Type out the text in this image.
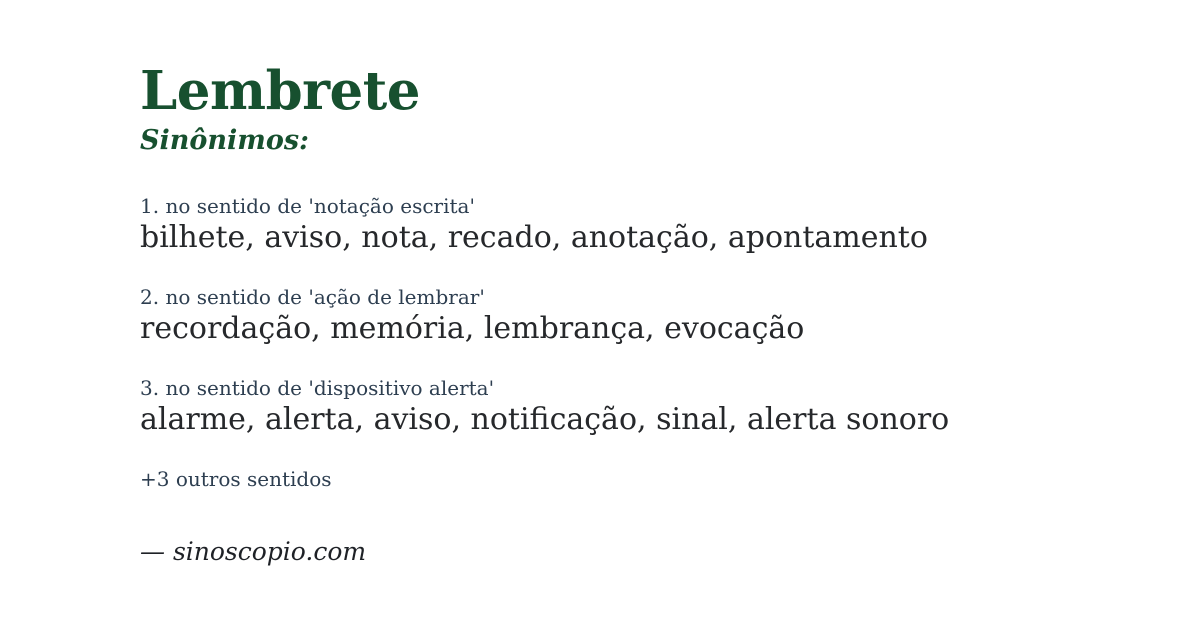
Lembrete
Sinônimos:
1. no sentido de 'notação escrita'
bilhete, aviso, nota, recado, anotação, apontamento
2. no sentido de 'ação de lembrar'
recordação, memória, lembrança, evocação
3. no sentido de 'dispositivo alerta'
alarme, alerta, aviso, notificação, sinal, alerta sonoro
+3 outros sentidos
— sinoscopio.com
